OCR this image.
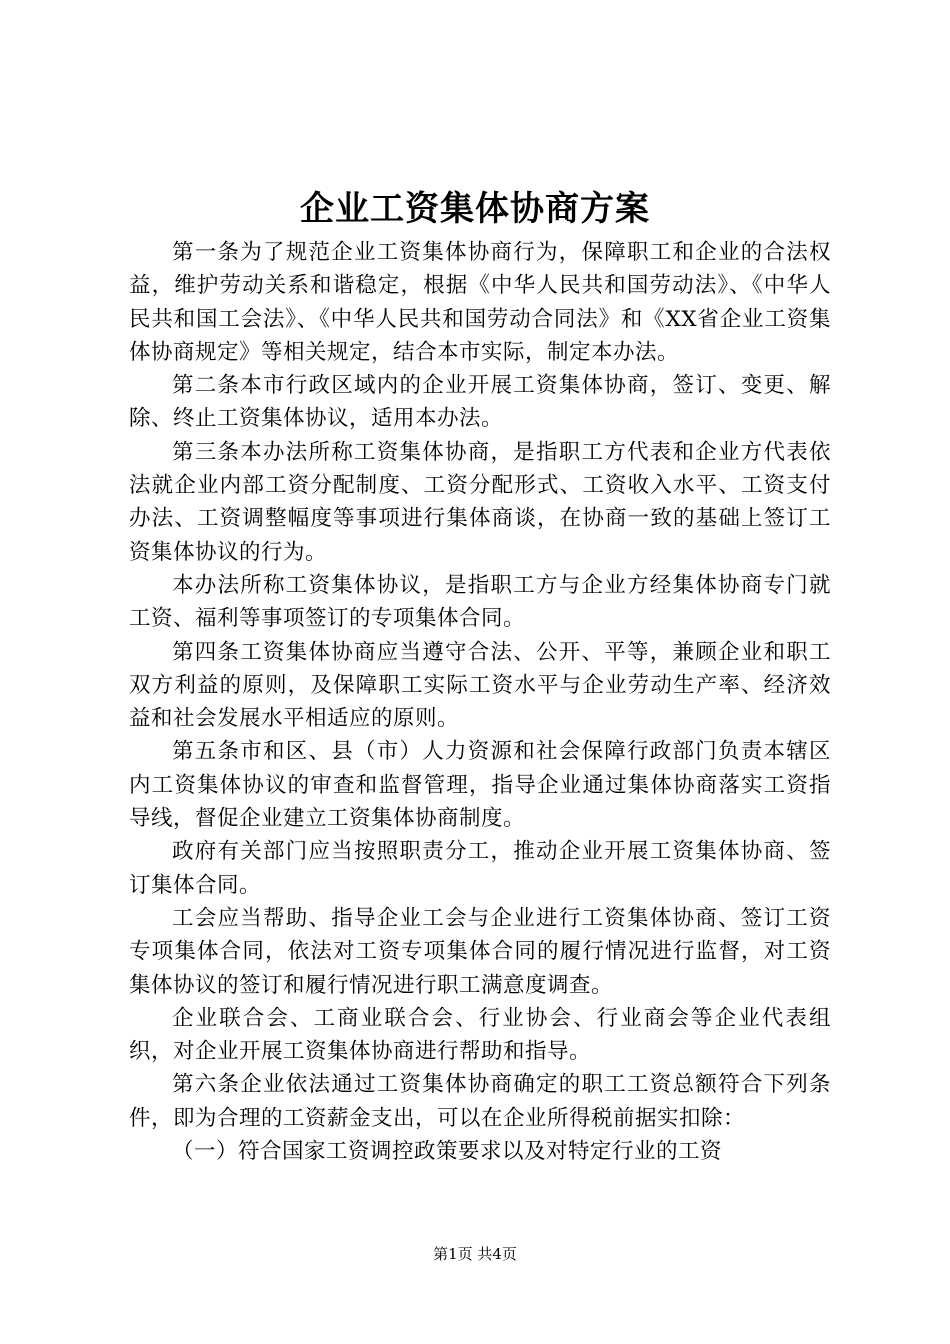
企业工资集体协商方案

第一条为了规范企业工资集体协商行为，保障职工和企业的合法权益，维护劳动关系和谐稳定，根据《中华人民共和国劳动法》、《中华人民共和国工会法》、《中华人民共和国劳动合同法》和《XX省企业工资集体协商规定》等相关规定，结合本市实际，制定本办法。

第二条本市行政区域内的企业开展工资集体协商，签订、变更、解除、终止工资集体协议，适用本办法。

第三条本办法所称工资集体协商，是指职工方代表和企业方代表依法就企业内部工资分配制度、工资分配形式、工资收入水平、工资支付办法、工资调整幅度等事项进行集体商谈，在协商一致的基础上签订工资集体协议的行为。

本办法所称工资集体协议，是指职工方与企业方经集体协商专门就工资、福利等事项签订的专项集体合同。

第四条工资集体协商应当遵守合法、公开、平等，兼顾企业和职工双方利益的原则，及保障职工实际工资水平与企业劳动生产率、经济效益和社会发展水平相适应的原则。

第五条市和区、县（市）人力资源和社会保障行政部门负责本辖区内工资集体协议的审查和监督管理，指导企业通过集体协商落实工资指导线，督促企业建立工资集体协商制度。

政府有关部门应当按照职责分工，推动企业开展工资集体协商、签订集体合同。

工会应当帮助、指导企业工会与企业进行工资集体协商、签订工资专项集体合同，依法对工资专项集体合同的履行情况进行监督，对工资集体协议的签订和履行情况进行职工满意度调查。

企业联合会、工商业联合会、行业协会、行业商会等企业代表组织，对企业开展工资集体协商进行帮助和指导。

第六条企业依法通过工资集体协商确定的职工工资总额符合下列条件，即为合理的工资薪金支出，可以在企业所得税前据实扣除：

（一）符合国家工资调控政策要求以及对特定行业的工资

第1页 共4页
